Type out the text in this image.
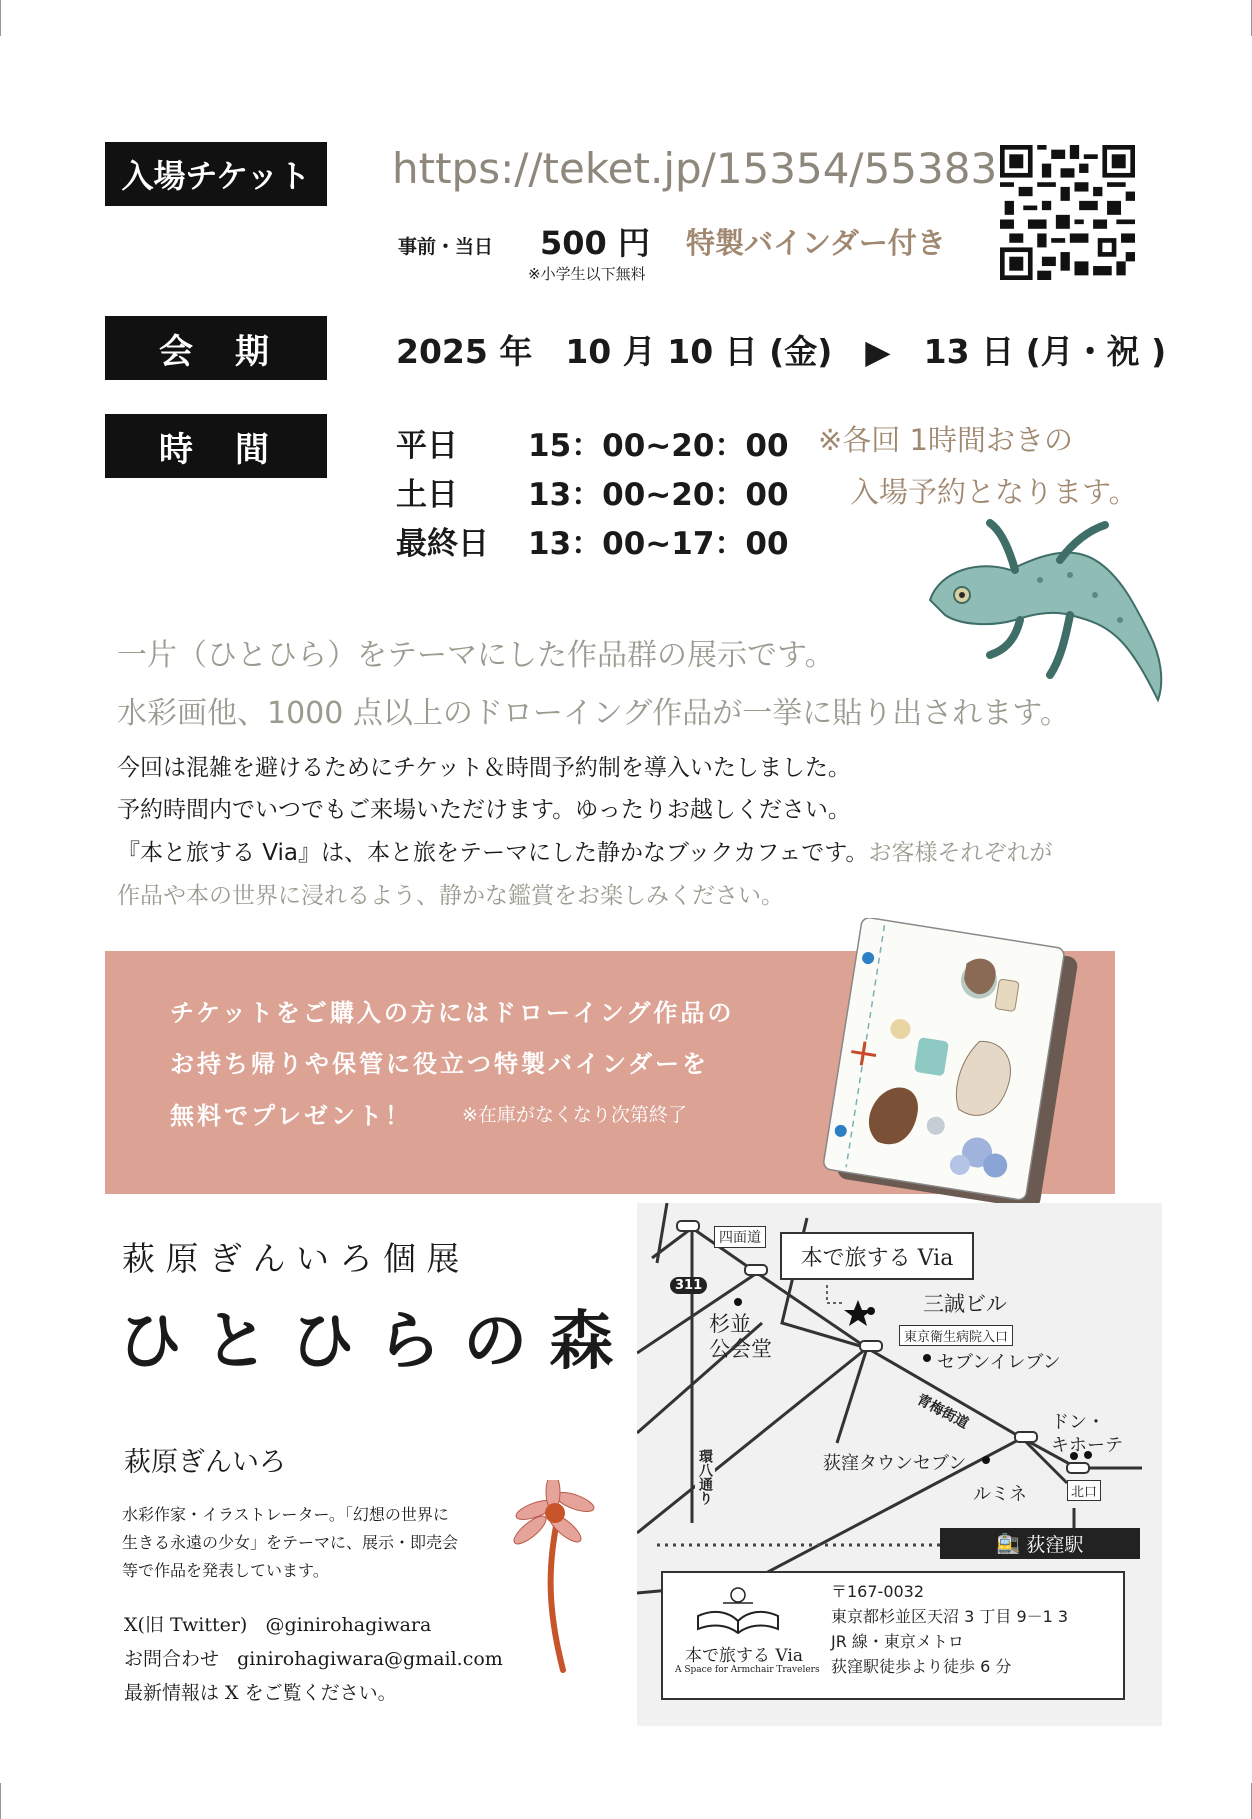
入場チケット	https://teket.jp/15354/55383
事前・当日 500 円 特製バインダー付き
※小学生以下無料
会　期	2025 年　10 月 10 日 (金)　▶　13 日 (月・祝 )
時　間	平日 15：00~20：00
土日 13：00~20：00
最終日 13：00~17：00
※各回 1時間おきの
入場予約となります。
一片（ひとひら）をテーマにした作品群の展示です。
水彩画他、1000 点以上のドローイング作品が一挙に貼り出されます。
今回は混雑を避けるためにチケット＆時間予約制を導入いたしました。
予約時間内でいつでもご来場いただけます。ゆったりお越しください。
『本と旅する Via』は、本と旅をテーマにした静かなブックカフェです。お客様それぞれが
作品や本の世界に浸れるよう、静かな鑑賞をお楽しみください。
チケットをご購入の方にはドローイング作品の
お持ち帰りや保管に役立つ特製バインダーを
無料でプレゼント！	※在庫がなくなり次第終了
萩 原 ぎ ん い ろ 個 展
ひ と ひ ら の 森
萩原ぎんいろ
水彩作家・イラストレーター。「幻想の世界に
生きる永遠の少女」をテーマに、展示・即売会
等で作品を発表しています。
X(旧 Twitter) @ginirohagiwara
お問合わせ ginirohagiwara@gmail.com
最新情報は X をご覧ください。
四面道
311
本で旅する Via
三誠ビル
杉並
公会堂	東京衛生病院入口
セブンイレブン
青梅街道
環八通り
ドン・
キホーテ
荻窪タウンセブン
ルミネ	北口
🚉 荻窪駅
本で旅する Via
A Space for Armchair Travelers
〒167-0032
東京都杉並区天沼 3 丁目 9－1 3
JR 線・東京メトロ
荻窪駅徒歩より徒歩 6 分
